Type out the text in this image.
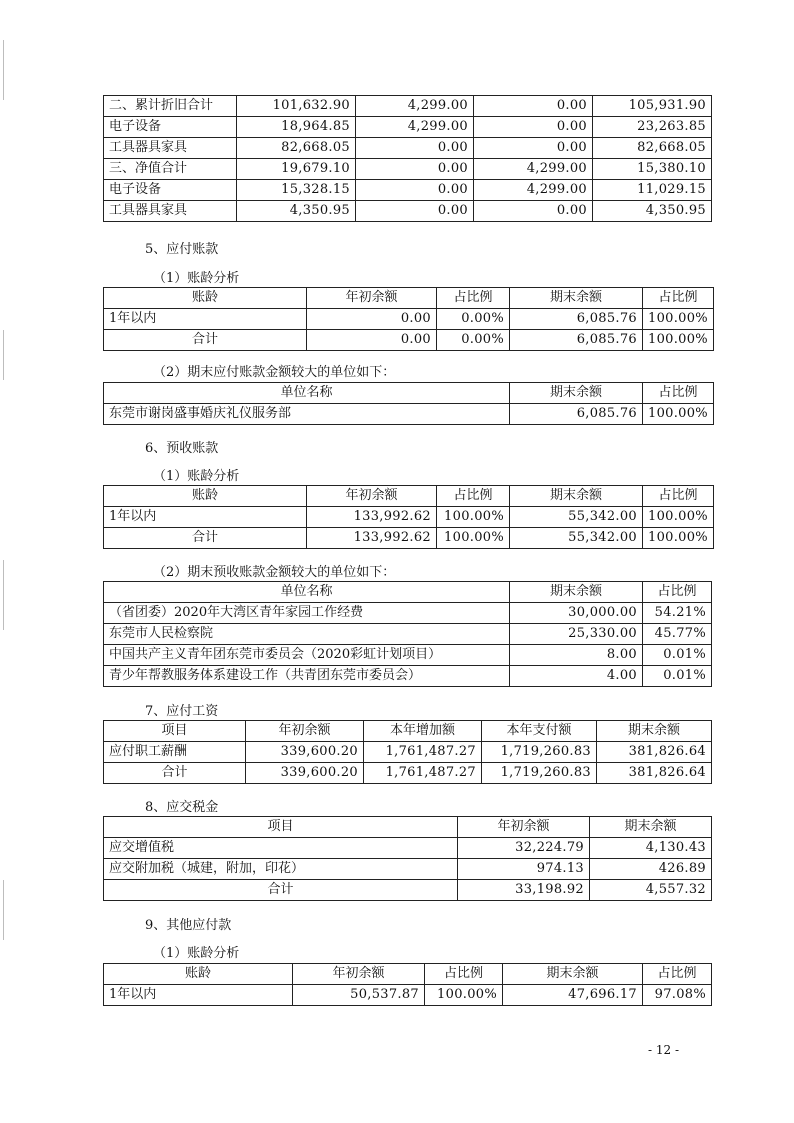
二、累计折旧合计	101,632.90	4,299.00	0.00	105,931.90
电子设备	18,964.85	4,299.00	0.00	23,263.85
工具器具家具	82,668.05	0.00	0.00	82,668.05
三、净值合计	19,679.10	0.00	4,299.00	15,380.10
电子设备	15,328.15	0.00	4,299.00	11,029.15
工具器具家具	4,350.95	0.00	0.00	4,350.95
5、应付账款
（1）账龄分析
账龄	年初余额	占比例	期末余额	占比例
1年以内	0.00	0.00%	6,085.76	100.00%
合计	0.00	0.00%	6,085.76	100.00%
（2）期末应付账款金额较大的单位如下：
单位名称	期末余额	占比例
东莞市谢岗盛事婚庆礼仪服务部	6,085.76	100.00%
6、预收账款
（1）账龄分析
账龄	年初余额	占比例	期末余额	占比例
1年以内	133,992.62	100.00%	55,342.00	100.00%
合计	133,992.62	100.00%	55,342.00	100.00%
（2）期末预收账款金额较大的单位如下：
单位名称	期末余额	占比例
（省团委）2020年大湾区青年家园工作经费	30,000.00	54.21%
东莞市人民检察院	25,330.00	45.77%
中国共产主义青年团东莞市委员会（2020彩虹计划项目）	8.00	0.01%
青少年帮教服务体系建设工作（共青团东莞市委员会）	4.00	0.01%
7、应付工资
项目	年初余额	本年增加额	本年支付额	期末余额
应付职工薪酬	339,600.20	1,761,487.27	1,719,260.83	381,826.64
合计	339,600.20	1,761,487.27	1,719,260.83	381,826.64
8、应交税金
项目	年初余额	期末余额
应交增值税	32,224.79	4,130.43
应交附加税（城建，附加，印花）	974.13	426.89
合计	33,198.92	4,557.32
9、其他应付款
（1）账龄分析
账龄	年初余额	占比例	期末余额	占比例
1年以内	50,537.87	100.00%	47,696.17	97.08%
- 12 -
